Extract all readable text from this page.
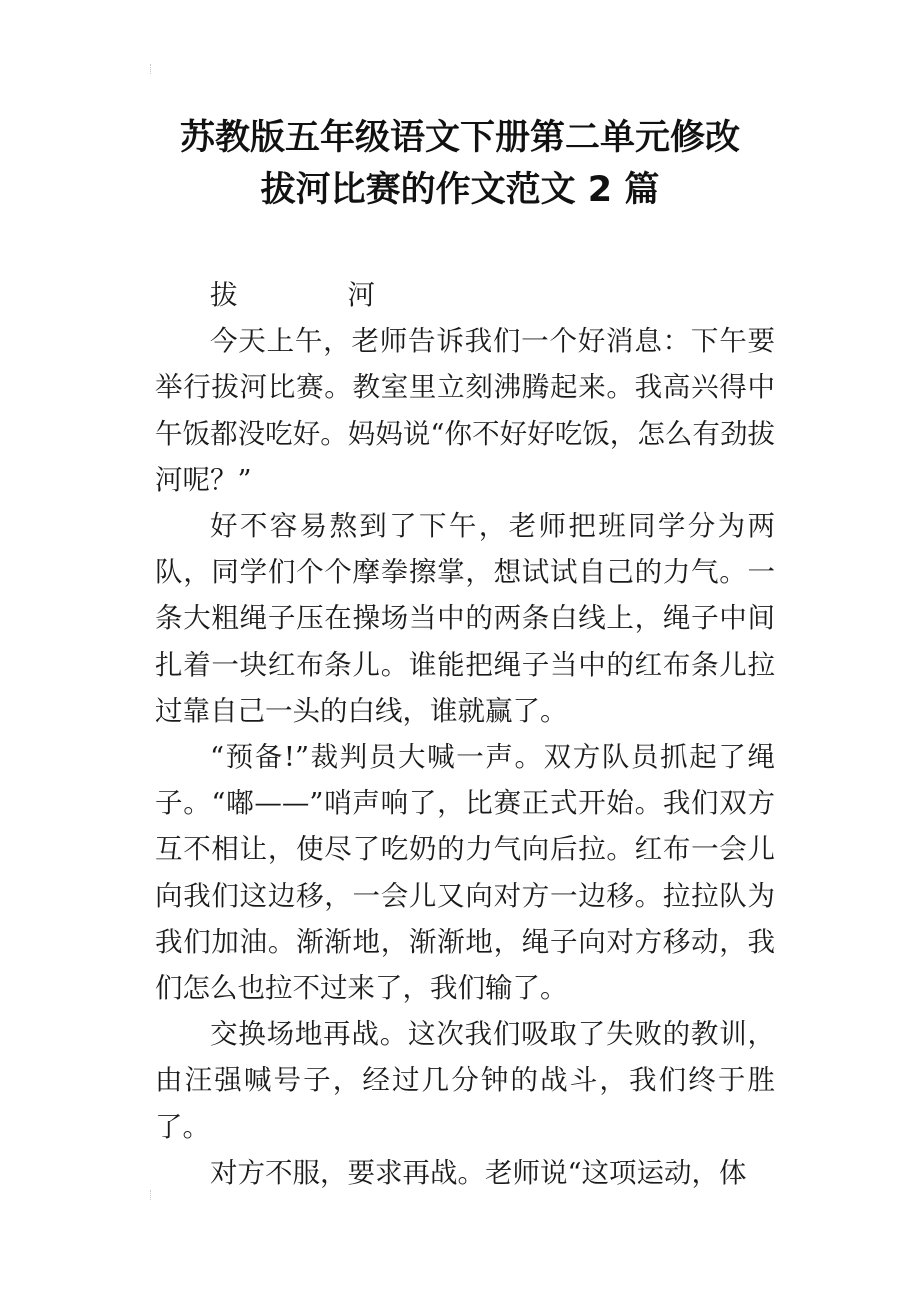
苏教版五年级语文下册第二单元修改
拔河比赛的作文范文 2 篇

拔	河

今天上午，老师告诉我们一个好消息：下午要举行拔河比赛。教室里立刻沸腾起来。我高兴得中午饭都没吃好。妈妈说“你不好好吃饭，怎么有劲拔河呢？”

好不容易熬到了下午，老师把班同学分为两队，同学们个个摩拳擦掌，想试试自己的力气。一条大粗绳子压在操场当中的两条白线上，绳子中间扎着一块红布条儿。谁能把绳子当中的红布条儿拉过靠自己一头的白线，谁就赢了。

“预备!”裁判员大喊一声。双方队员抓起了绳子。“嘟——”哨声响了，比赛正式开始。我们双方互不相让，使尽了吃奶的力气向后拉。红布一会儿向我们这边移，一会儿又向对方一边移。拉拉队为我们加油。渐渐地，渐渐地，绳子向对方移动，我们怎么也拉不过来了，我们输了。

交换场地再战。这次我们吸取了失败的教训，由汪强喊号子，经过几分钟的战斗，我们终于胜了。

对方不服，要求再战。老师说“这项运动，体
